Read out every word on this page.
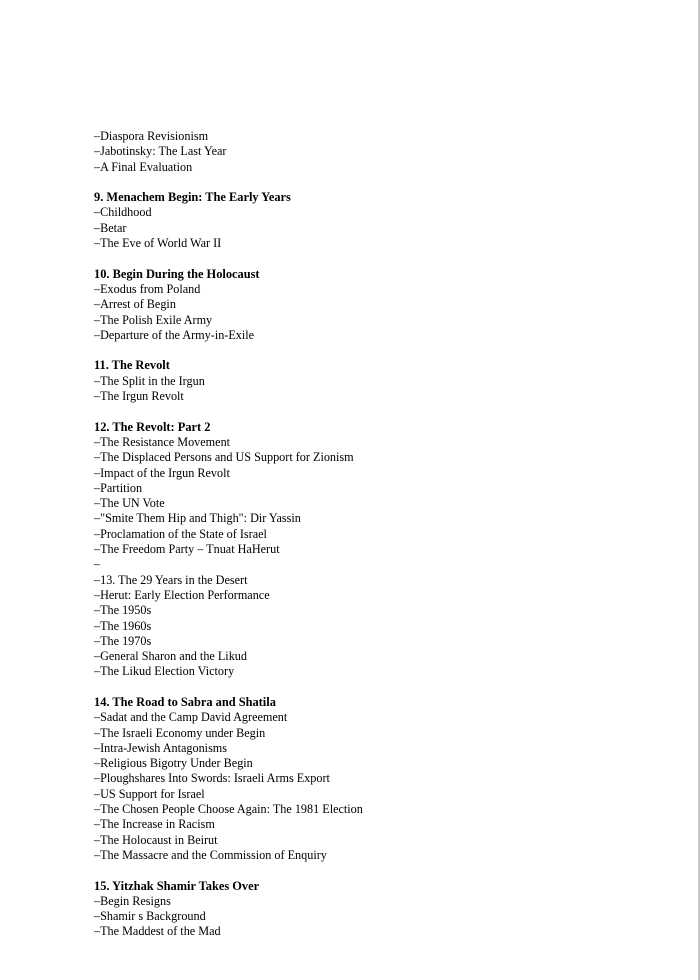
–Diaspora Revisionism
–Jabotinsky: The Last Year
–A Final Evaluation
9. Menachem Begin: The Early Years
–Childhood
–Betar
–The Eve of World War II
10. Begin During the Holocaust
–Exodus from Poland
–Arrest of Begin
–The Polish Exile Army
–Departure of the Army-in-Exile
11. The Revolt
–The Split in the Irgun
–The Irgun Revolt
12. The Revolt: Part 2
–The Resistance Movement
–The Displaced Persons and US Support for Zionism
–Impact of the Irgun Revolt
–Partition
–The UN Vote
–"Smite Them Hip and Thigh": Dir Yassin
–Proclamation of the State of Israel
–The Freedom Party – Tnuat HaHerut
–
–13. The 29 Years in the Desert
–Herut: Early Election Performance
–The 1950s
–The 1960s
–The 1970s
–General Sharon and the Likud
–The Likud Election Victory
14. The Road to Sabra and Shatila
–Sadat and the Camp David Agreement
–The Israeli Economy under Begin
–Intra-Jewish Antagonisms
–Religious Bigotry Under Begin
–Ploughshares Into Swords: Israeli Arms Export
–US Support for Israel
–The Chosen People Choose Again: The 1981 Election
–The Increase in Racism
–The Holocaust in Beirut
–The Massacre and the Commission of Enquiry
15. Yitzhak Shamir Takes Over
–Begin Resigns
–Shamir s Background
–The Maddest of the Mad
